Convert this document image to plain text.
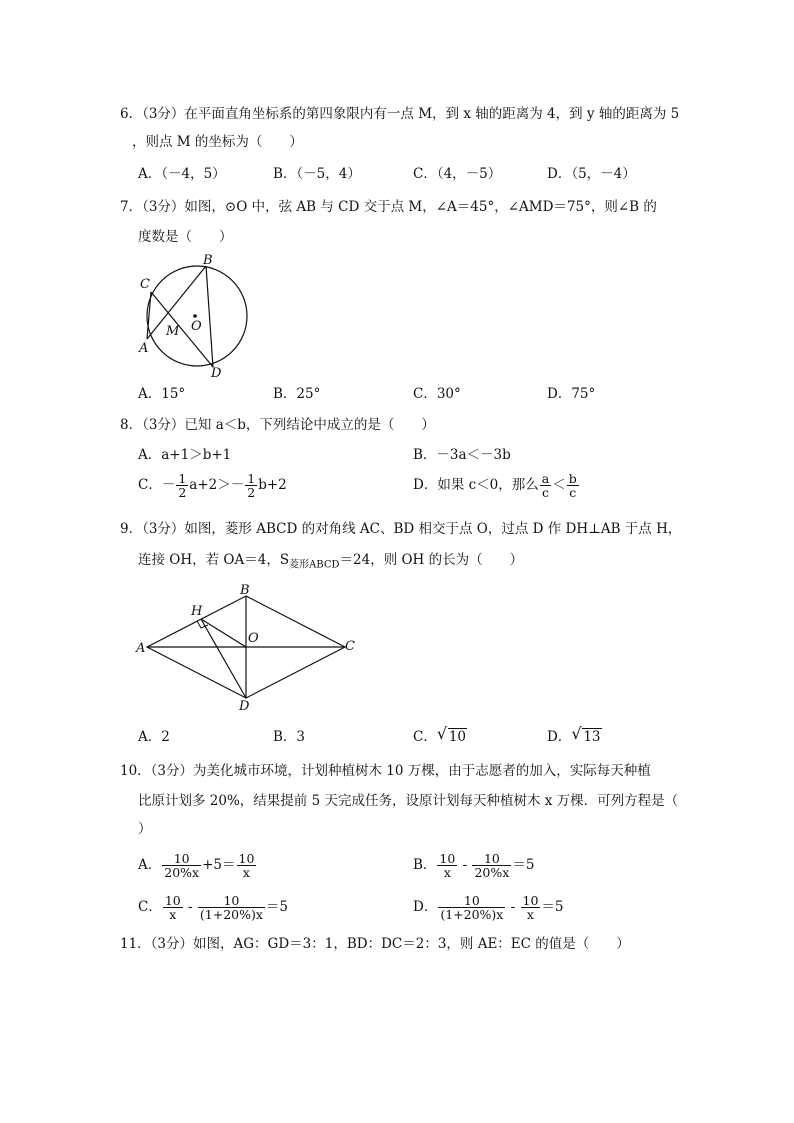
6．（3分）在平面直角坐标系的第四象限内有一点 M，到 x 轴的距离为 4，到 y 轴的距离为 5
，则点 M 的坐标为（　　）
A．（－4，5）	B．（－5，4）	C．（4，－5）	D．（5，－4）
7．（3分）如图，⊙O 中，弦 AB 与 CD 交于点 M，∠A＝45°，∠AMD＝75°，则∠B 的
度数是（　　）
B
C
O
M
A
D
A．15°	B．25°	C．30°	D．75°
8．（3分）已知 a＜b，下列结论中成立的是（　　）
A．a+1＞b+1	B．－3a＜－3b
C．－ $\frac{1}{2} a+2>- \frac{1}{2} b+2$	D．如果 c＜0，那么 $\frac{a}{c} < \frac{b}{c}$
9．（3分）如图，菱形 ABCD 的对角线 AC、BD 相交于点 O，过点 D 作 DH⊥AB 于点 H，
连接 OH，若 OA＝4，$S_{菱形ABCD}=24$，则 OH 的长为（　　）
H
B
A
O
C
D
A．2	B．3	C． √ 10	D． √ 13
10．（3分）为美化城市环境，计划种植树木 10 万棵，由于志愿者的加入，实际每天种植
比原计划多 20%，结果提前 5 天完成任务，设原计划每天种植树木 x 万棵．可列方程是（
）
A． $\frac{10}{20\%x} +5= \frac{10}{x}$	B． $\frac{10}{x} - \frac{10}{20\%x} =5$
C． $\frac{10}{x} - \frac{10}{(1+20\%)x} =5$	D． $\frac{10}{(1+20\%)x} - \frac{10}{x} =5$
11．（3分）如图，AG：GD＝3：1，BD：DC＝2：3，则 AE：EC 的值是（　　）
